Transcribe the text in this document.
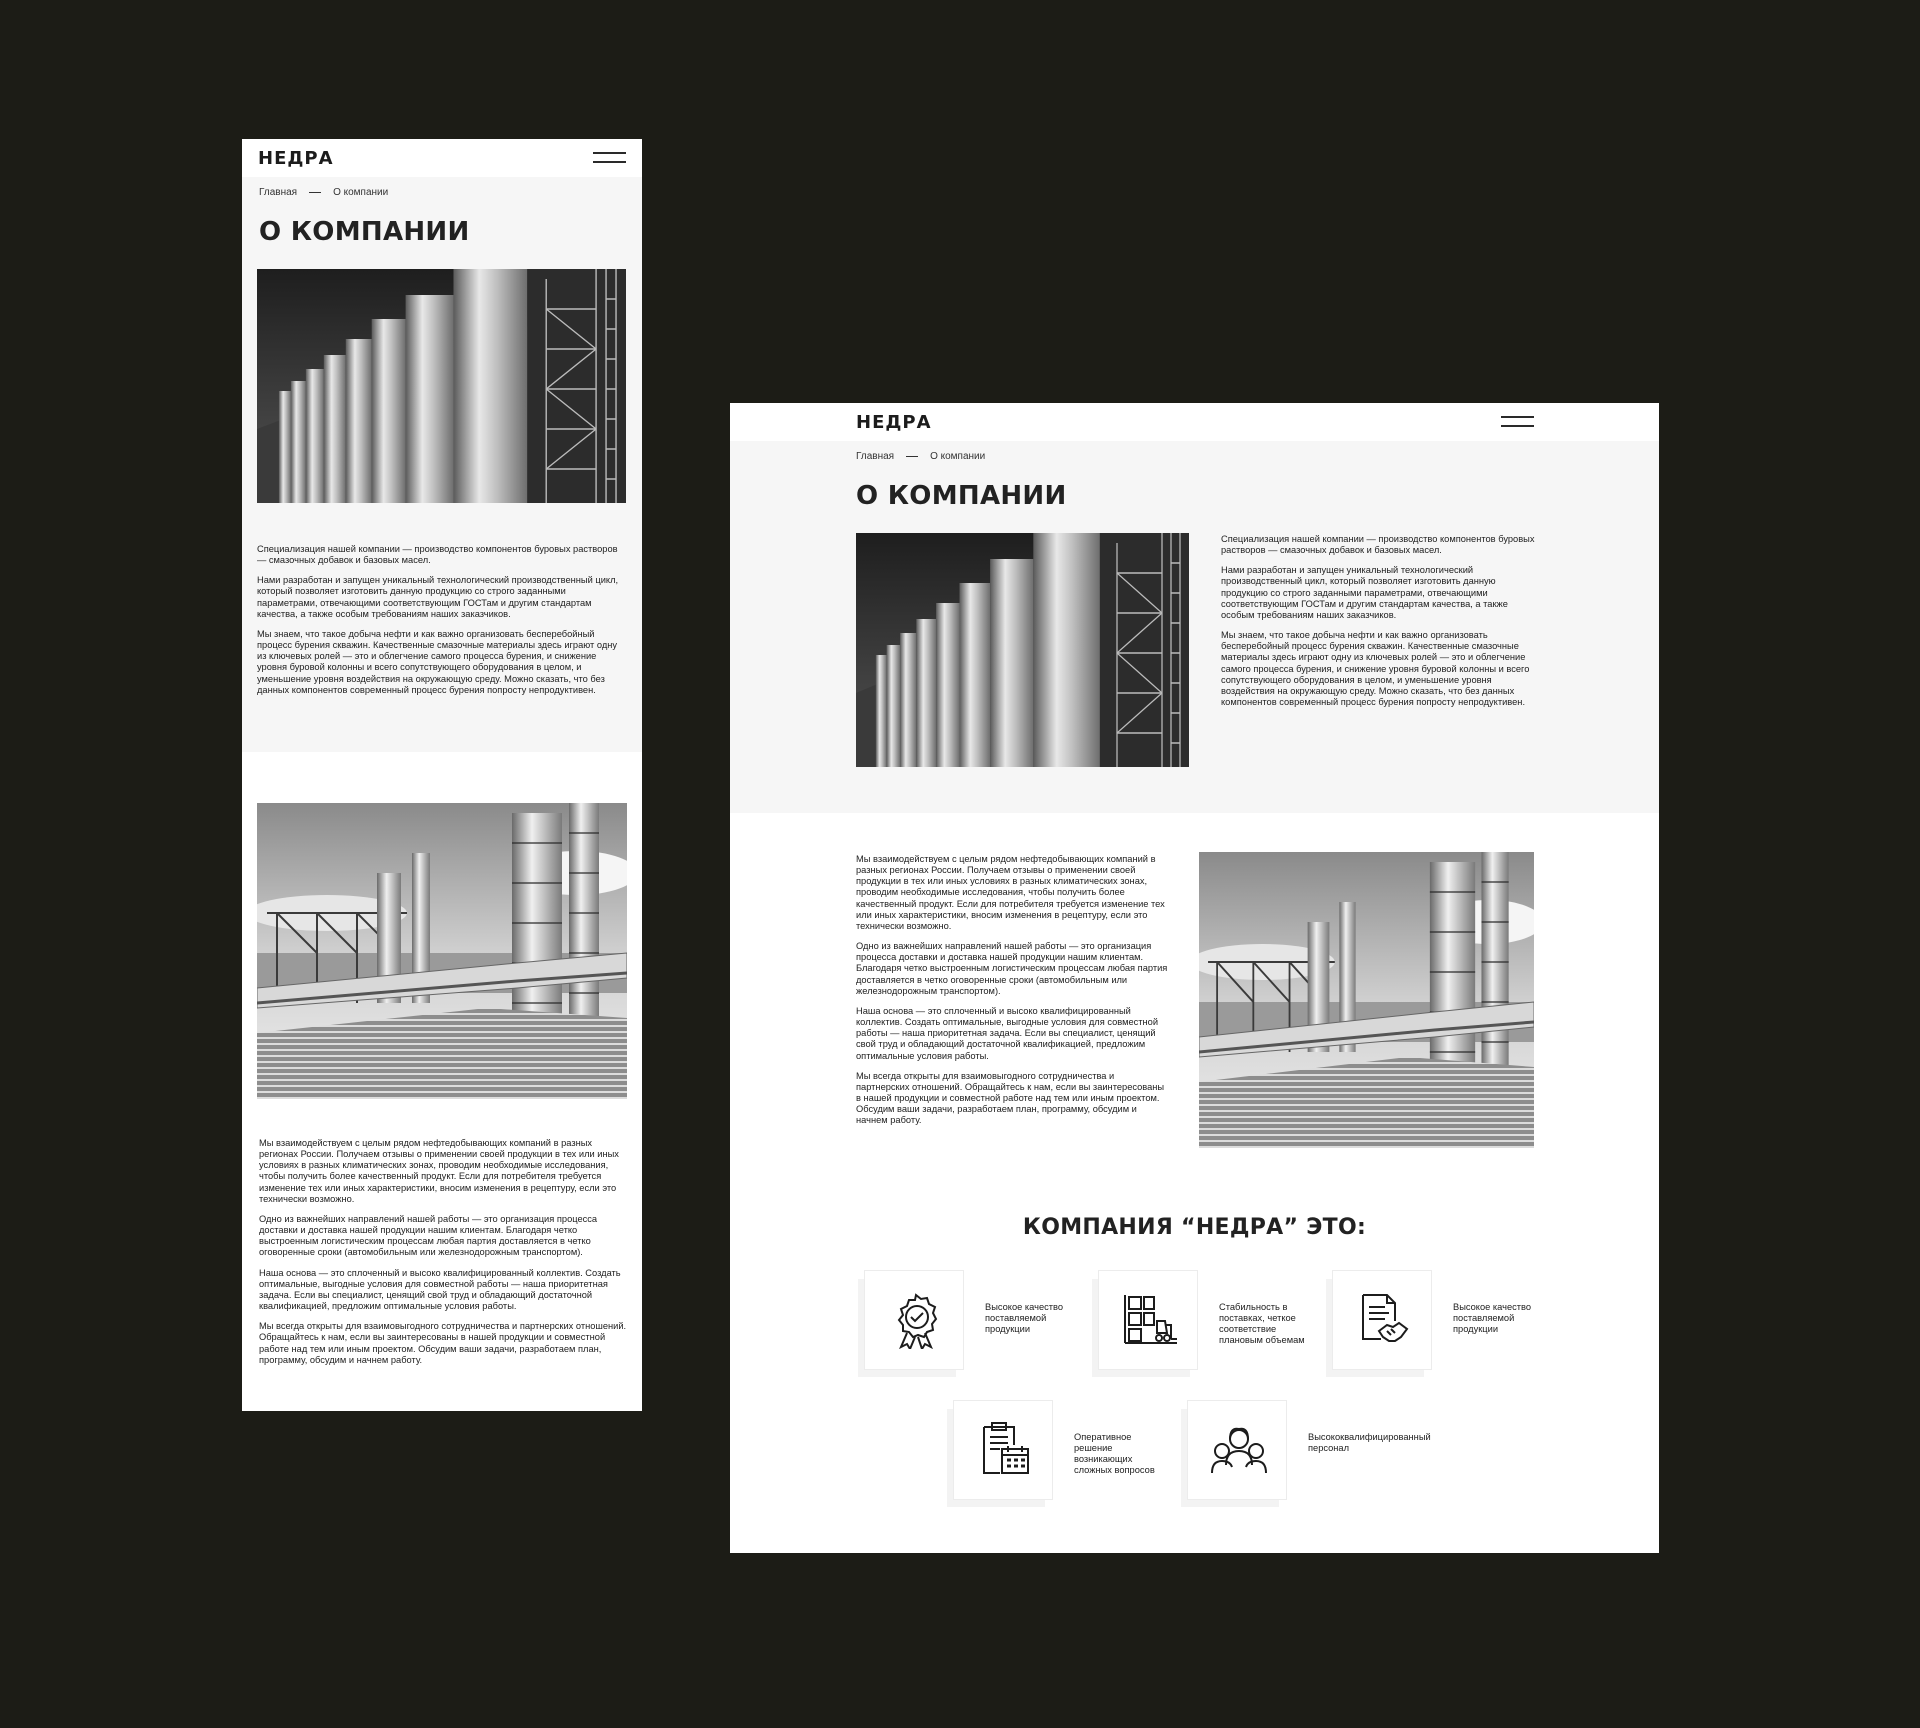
НЕДРА
Главная	О компании
О КОМПАНИИ

Специализация нашей компании — производство компонентов буровых растворов — смазочных добавок и базовых масел.

Нами разработан и запущен уникальный технологический производственный цикл, который позволяет изготовить данную продукцию со строго заданными параметрами, отвечающими соответствующим ГОСТам и другим стандартам качества, а также особым требованиям наших заказчиков.

Мы знаем, что такое добыча нефти и как важно организовать бесперебойный процесс бурения скважин. Качественные смазочные материалы здесь играют одну из ключевых ролей — это и облегчение самого процесса бурения, и снижение уровня буровой колонны и всего сопутствующего оборудования в целом, и уменьшение уровня воздействия на окружающую среду. Можно сказать, что без данных компонентов современный процесс бурения попросту непродуктивен.

Мы взаимодействуем с целым рядом нефтедобывающих компаний в разных регионах России. Получаем отзывы о применении своей продукции в тех или иных условиях в разных климатических зонах, проводим необходимые исследования, чтобы получить более качественный продукт. Если для потребителя требуется изменение тех или иных характеристики, вносим изменения в рецептуру, если это технически возможно.

Одно из важнейших направлений нашей работы — это организация процесса доставки и доставка нашей продукции нашим клиентам. Благодаря четко выстроенным логистическим процессам любая партия доставляется в четко оговоренные сроки (автомобильным или железнодорожным транспортом).

Наша основа — это сплоченный и высоко квалифицированный коллектив. Создать оптимальные, выгодные условия для совместной работы — наша приоритетная задача. Если вы специалист, ценящий свой труд и обладающий достаточной квалификацией, предложим оптимальные условия работы.

Мы всегда открыты для взаимовыгодного сотрудничества и партнерских отношений. Обращайтесь к нам, если вы заинтересованы в нашей продукции и совместной работе над тем или иным проектом. Обсудим ваши задачи, разработаем план, программу, обсудим и начнем работу.

НЕДРА
Главная	О компании
О КОМПАНИИ

Специализация нашей компании — производство компонентов буровых растворов — смазочных добавок и базовых масел.

Нами разработан и запущен уникальный технологический производственный цикл, который позволяет изготовить данную продукцию со строго заданными параметрами, отвечающими соответствующим ГОСТам и другим стандартам качества, а также особым требованиям наших заказчиков.

Мы знаем, что такое добыча нефти и как важно организовать бесперебойный процесс бурения скважин. Качественные смазочные материалы здесь играют одну из ключевых ролей — это и облегчение самого процесса бурения, и снижение уровня буровой колонны и всего сопутствующего оборудования в целом, и уменьшение уровня воздействия на окружающую среду. Можно сказать, что без данных компонентов современный процесс бурения попросту непродуктивен.

Мы взаимодействуем с целым рядом нефтедобывающих компаний в разных регионах России. Получаем отзывы о применении своей продукции в тех или иных условиях в разных климатических зонах, проводим необходимые исследования, чтобы получить более качественный продукт. Если для потребителя требуется изменение тех или иных характеристики, вносим изменения в рецептуру, если это технически возможно.

Одно из важнейших направлений нашей работы — это организация процесса доставки и доставка нашей продукции нашим клиентам. Благодаря четко выстроенным логистическим процессам любая партия доставляется в четко оговоренные сроки (автомобильным или железнодорожным транспортом).

Наша основа — это сплоченный и высоко квалифицированный коллектив. Создать оптимальные, выгодные условия для совместной работы — наша приоритетная задача. Если вы специалист, ценящий свой труд и обладающий достаточной квалификацией, предложим оптимальные условия работы.

Мы всегда открыты для взаимовыгодного сотрудничества и партнерских отношений. Обращайтесь к нам, если вы заинтересованы в нашей продукции и совместной работе над тем или иным проектом. Обсудим ваши задачи, разработаем план, программу, обсудим и начнем работу.

КОМПАНИЯ “НЕДРА” ЭТО:
Высокое качество поставляемой продукции
Стабильность в поставках, четкое соответствие плановым объемам
Высокое качество поставляемой продукции
Оперативное решение возникающих сложных вопросов
Высококвалифицированный персонал
